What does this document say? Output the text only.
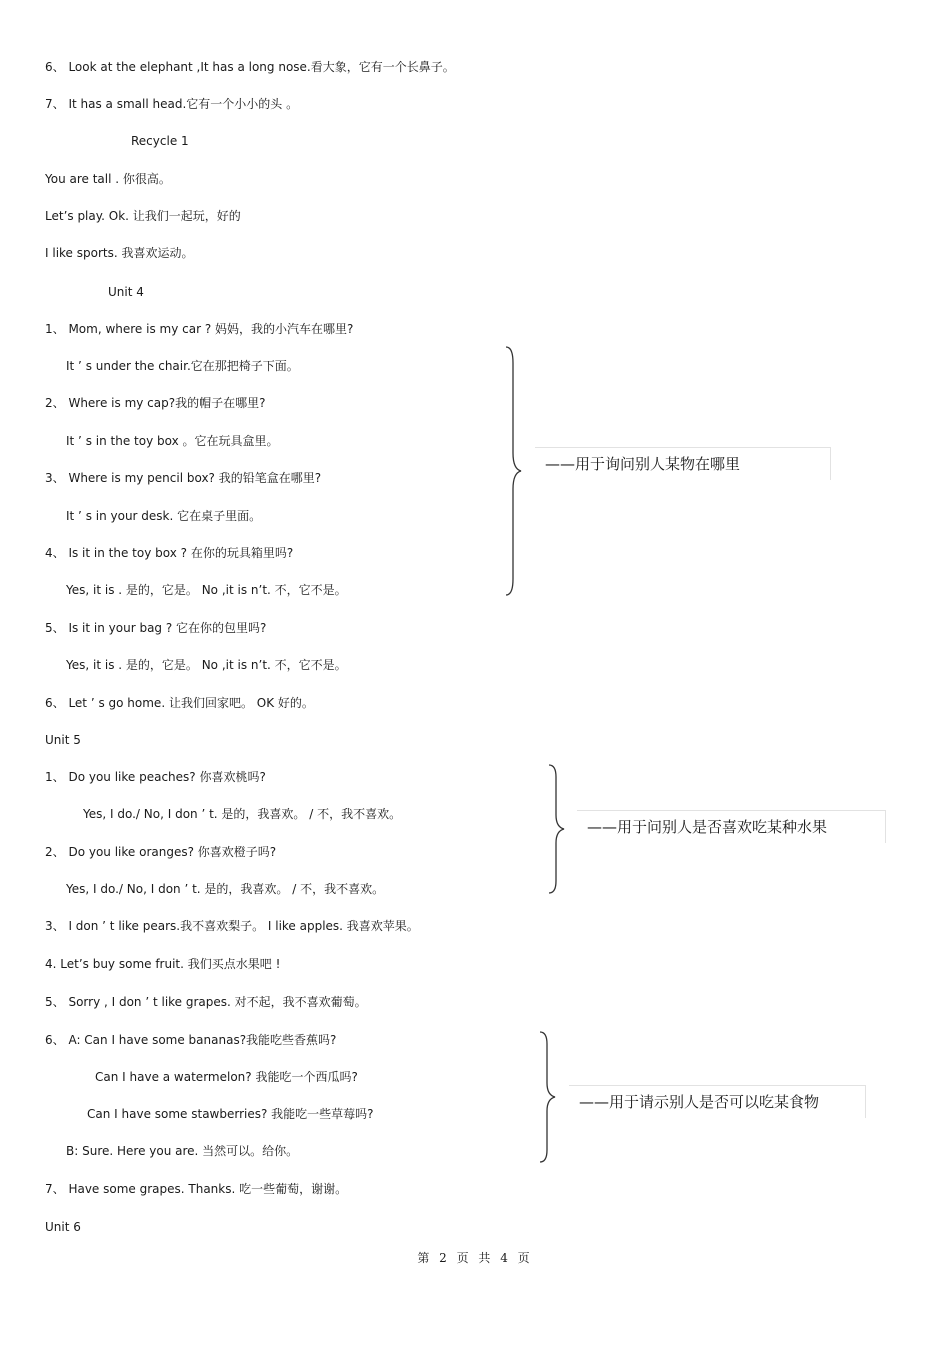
6、 Look at the elephant ,It has a long nose.看大象，它有一个长鼻子。
7、 It has a small head.它有一个小小的头 。
Recycle 1
You are tall . 你很高。
Let’s play. Ok. 让我们一起玩，好的
I like sports. 我喜欢运动。
Unit 4
1、 Mom, where is my car ? 妈妈，我的小汽车在哪里?
It ’ s under the chair.它在那把椅子下面。
2、 Where is my cap?我的帽子在哪里?
It ’ s in the toy box 。它在玩具盒里。
3、 Where is my pencil box? 我的铅笔盒在哪里?
It ’ s in your desk. 它在桌子里面。
4、 Is it in the toy box ? 在你的玩具箱里吗?
Yes, it is . 是的，它是。 No ,it is n’t. 不，它不是。
5、 Is it in your bag ? 它在你的包里吗?
Yes, it is . 是的，它是。 No ,it is n’t. 不，它不是。
6、 Let ’ s go home. 让我们回家吧。 OK 好的。
Unit 5
1、 Do you like peaches? 你喜欢桃吗?
Yes, I do./ No, I don ’ t. 是的，我喜欢。 / 不，我不喜欢。
2、 Do you like oranges? 你喜欢橙子吗?
Yes, I do./ No, I don ’ t. 是的，我喜欢。 / 不，我不喜欢。
3、 I don ’ t like pears.我不喜欢梨子。 I like apples. 我喜欢苹果。
4. Let’s buy some fruit. 我们买点水果吧 !
5、 Sorry , I don ’ t like grapes. 对不起，我不喜欢葡萄。
6、 A: Can I have some bananas?我能吃些香蕉吗?
Can I have a watermelon? 我能吃一个西瓜吗?
Can I have some stawberries? 我能吃一些草莓吗?
B: Sure. Here you are. 当然可以。给你。
7、 Have some grapes. Thanks. 吃一些葡萄，谢谢。
Unit 6
——用于询问别人某物在哪里
——用于问别人是否喜欢吃某种水果
——用于请示别人是否可以吃某食物
第 2 页 共 4 页
